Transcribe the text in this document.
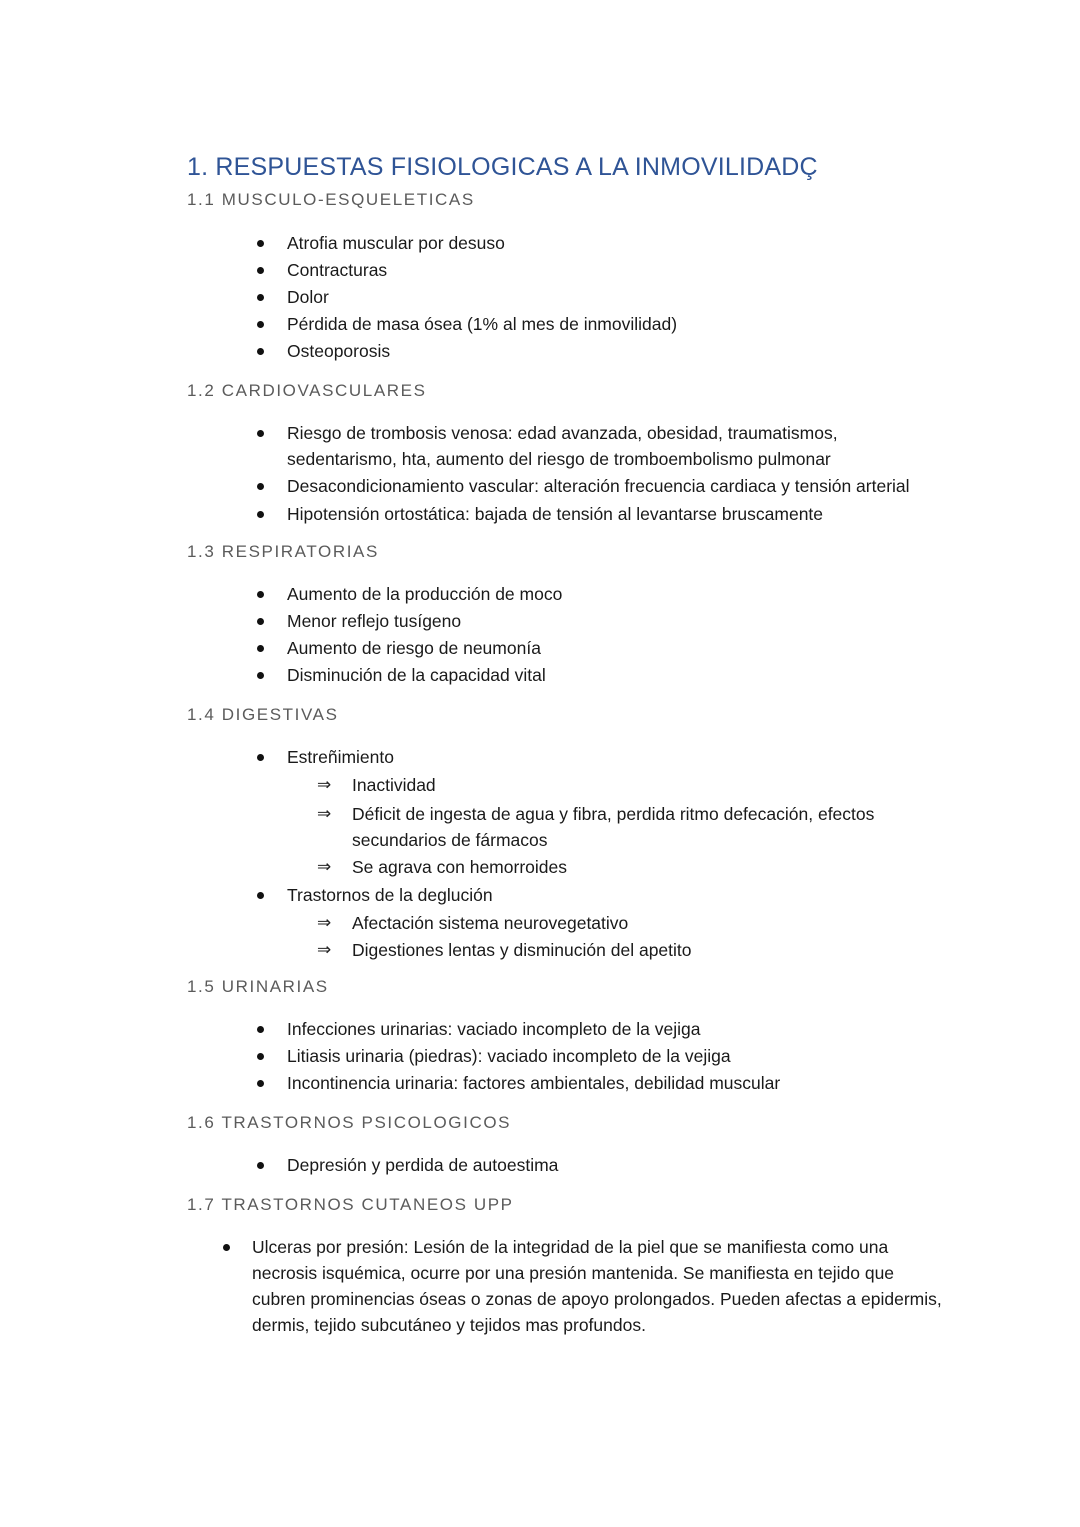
1. RESPUESTAS FISIOLOGICAS A LA INMOVILIDADÇ
1.1 MUSCULO-ESQUELETICAS
Atrofia muscular por desuso
Contracturas
Dolor
Pérdida de masa ósea (1% al mes de inmovilidad)
Osteoporosis
1.2 CARDIOVASCULARES
Riesgo de trombosis venosa: edad avanzada, obesidad, traumatismos, sedentarismo, hta, aumento del riesgo de tromboembolismo pulmonar
Desacondicionamiento vascular: alteración frecuencia cardiaca y tensión arterial
Hipotensión ortostática: bajada de tensión al levantarse bruscamente
1.3 RESPIRATORIAS
Aumento de la producción de moco
Menor reflejo tusígeno
Aumento de riesgo de neumonía
Disminución de la capacidad vital
1.4 DIGESTIVAS
Estreñimiento
⇒ Inactividad
⇒ Déficit de ingesta de agua y fibra, perdida ritmo defecación, efectos secundarios de fármacos
⇒ Se agrava con hemorroides
Trastornos de la deglución
⇒ Afectación sistema neurovegetativo
⇒ Digestiones lentas y disminución del apetito
1.5 URINARIAS
Infecciones urinarias: vaciado incompleto de la vejiga
Litiasis urinaria (piedras): vaciado incompleto de la vejiga
Incontinencia urinaria: factores ambientales, debilidad muscular
1.6 TRASTORNOS PSICOLOGICOS
Depresión y perdida de autoestima
1.7 TRASTORNOS CUTANEOS UPP
Ulceras por presión: Lesión de la integridad de la piel que se manifiesta como una necrosis isquémica, ocurre por una presión mantenida. Se manifiesta en tejido que cubren prominencias óseas o zonas de apoyo prolongados. Pueden afectas a epidermis, dermis, tejido subcutáneo y tejidos mas profundos.
